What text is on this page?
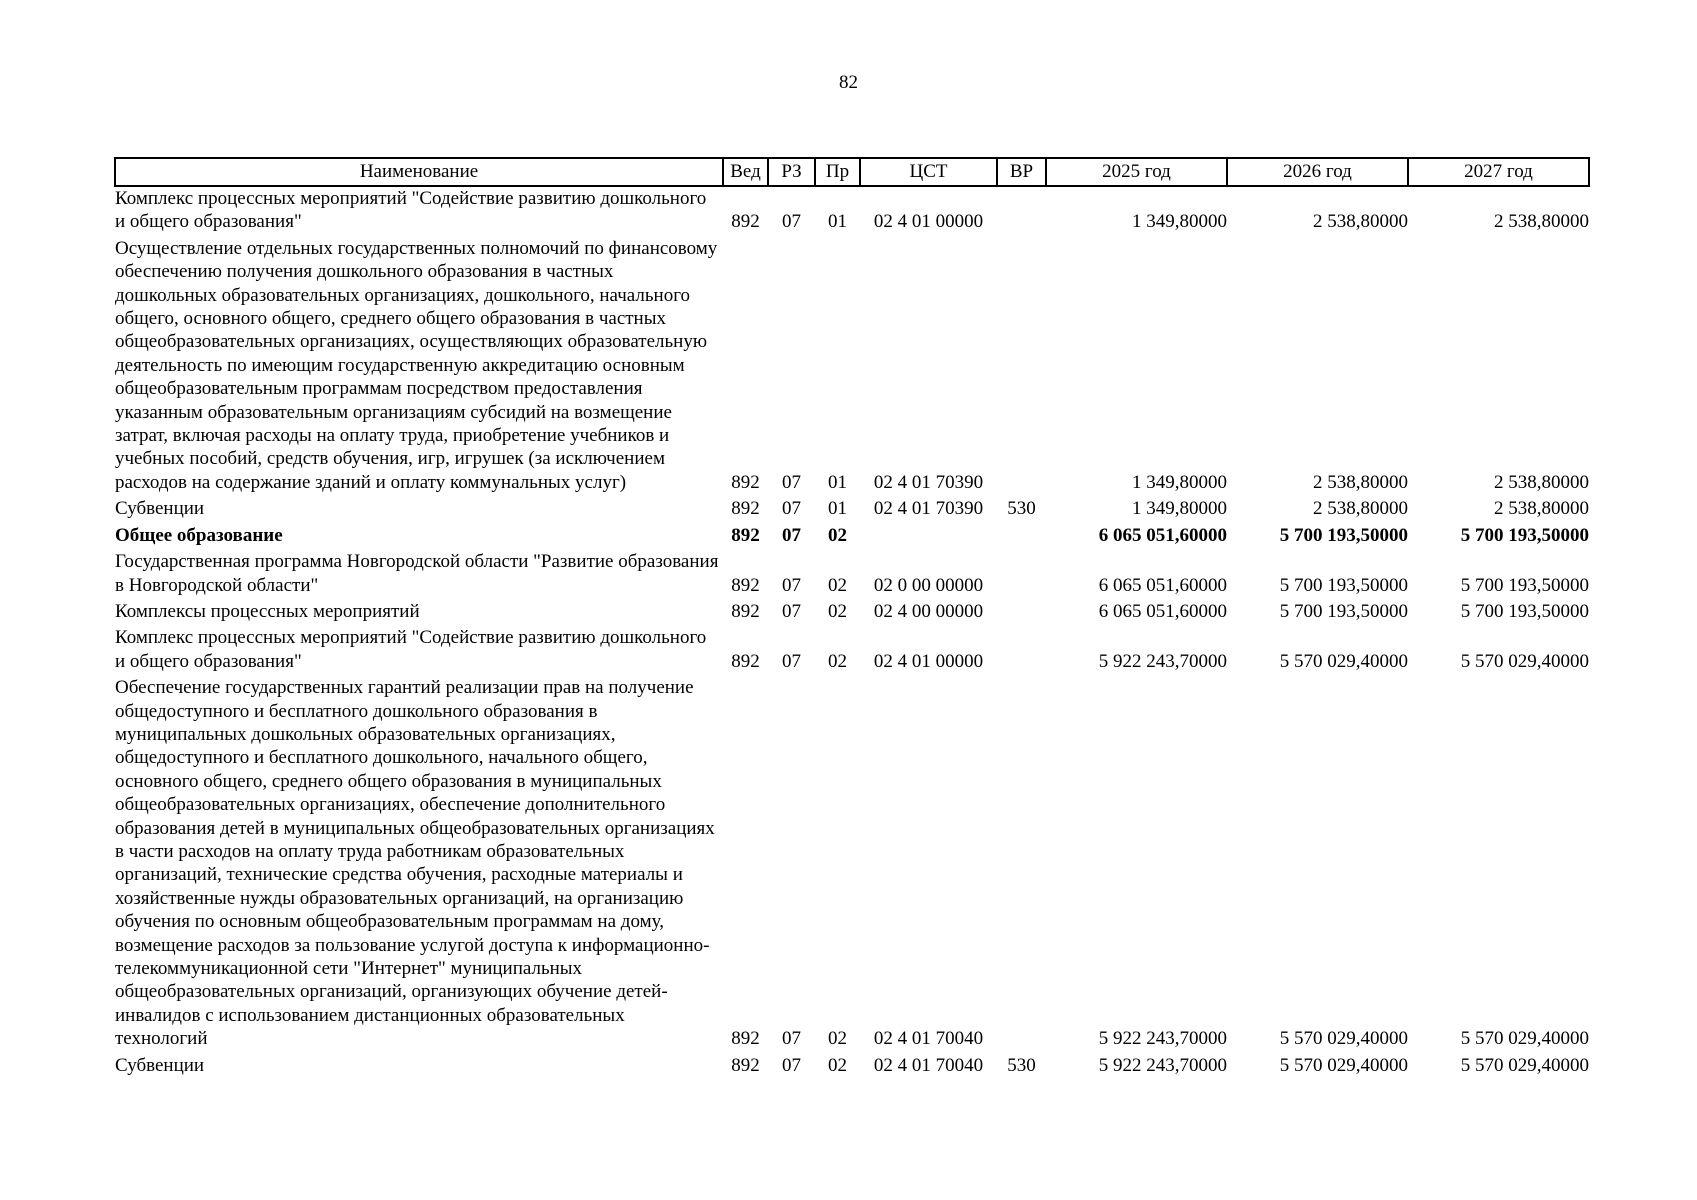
82
Наименование	Вед	РЗ	Пр	ЦСТ	ВР	2025 год	2026 год	2027 год
Комплекс процессных мероприятий "Содействие развитию дошкольного и общего образования"	892	07	01	02 4 01 00000		1 349,80000	2 538,80000	2 538,80000
Осуществление отдельных государственных полномочий по финансовому обеспечению получения дошкольного образования в частных дошкольных образовательных организациях, дошкольного, начального общего, основного общего, среднего общего образования в частных общеобразовательных организациях, осуществляющих образовательную деятельность по имеющим государственную аккредитацию основным общеобразовательным программам посредством предоставления указанным образовательным организациям субсидий на возмещение затрат, включая расходы на оплату труда, приобретение учебников и учебных пособий, средств обучения, игр, игрушек (за исключением расходов на содержание зданий и оплату коммунальных услуг)	892	07	01	02 4 01 70390		1 349,80000	2 538,80000	2 538,80000
Субвенции	892	07	01	02 4 01 70390	530	1 349,80000	2 538,80000	2 538,80000
Общее образование	892	07	02			6 065 051,60000	5 700 193,50000	5 700 193,50000
Государственная программа Новгородской области "Развитие образования в Новгородской области"	892	07	02	02 0 00 00000		6 065 051,60000	5 700 193,50000	5 700 193,50000
Комплексы процессных мероприятий	892	07	02	02 4 00 00000		6 065 051,60000	5 700 193,50000	5 700 193,50000
Комплекс процессных мероприятий "Содействие развитию дошкольного и общего образования"	892	07	02	02 4 01 00000		5 922 243,70000	5 570 029,40000	5 570 029,40000
Обеспечение государственных гарантий реализации прав на получение общедоступного и бесплатного дошкольного образования в муниципальных дошкольных образовательных организациях, общедоступного и бесплатного дошкольного, начального общего, основного общего, среднего общего образования в муниципальных общеобразовательных организациях, обеспечение дополнительного образования детей в муниципальных общеобразовательных организациях в части расходов на оплату труда работникам образовательных организаций, технические средства обучения, расходные материалы и хозяйственные нужды образовательных организаций, на организацию обучения по основным общеобразовательным программам на дому, возмещение расходов за пользование услугой доступа к информационно-телекоммуникационной сети "Интернет" муниципальных общеобразовательных организаций, организующих обучение детей-инвалидов с использованием дистанционных образовательных технологий	892	07	02	02 4 01 70040		5 922 243,70000	5 570 029,40000	5 570 029,40000
Субвенции	892	07	02	02 4 01 70040	530	5 922 243,70000	5 570 029,40000	5 570 029,40000
